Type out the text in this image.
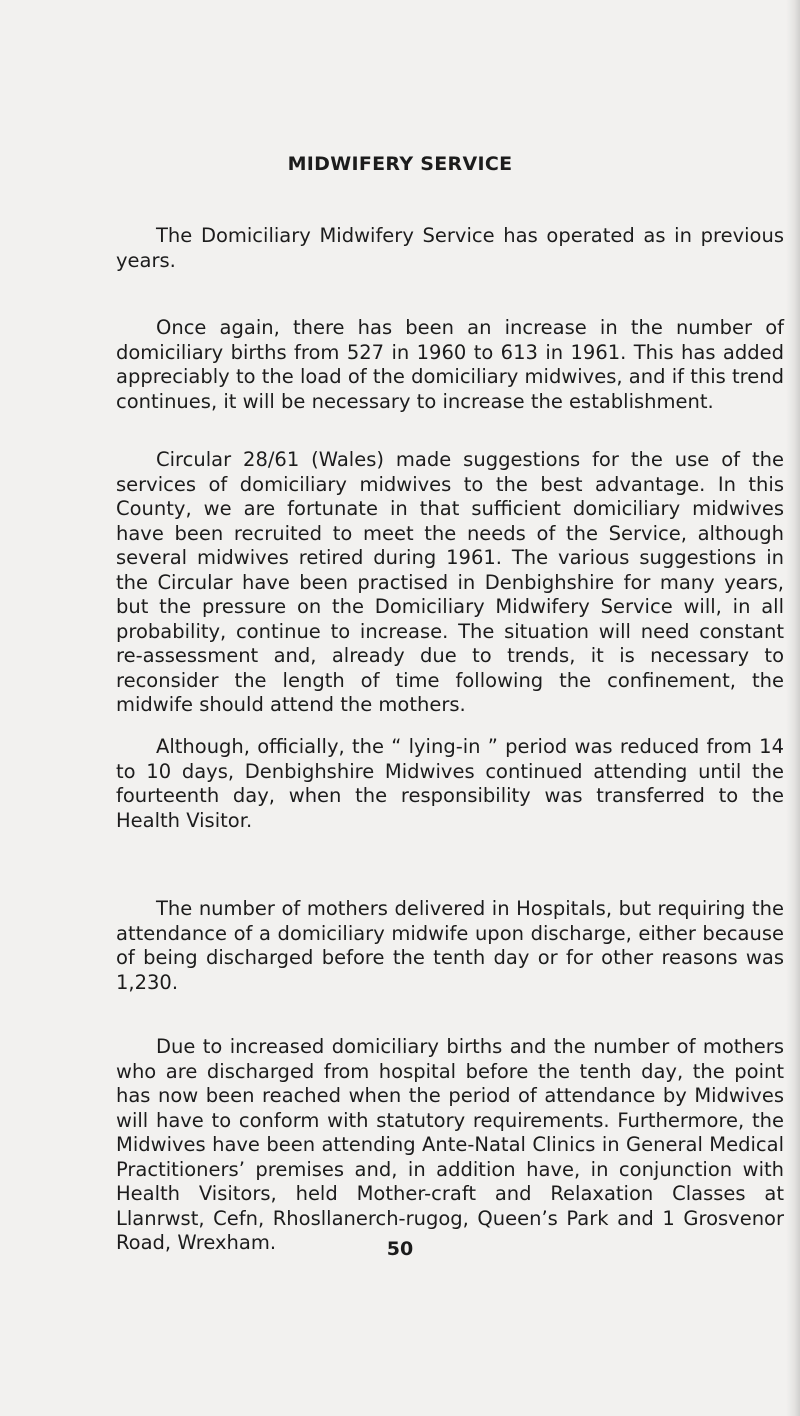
MIDWIFERY SERVICE

The Domiciliary Midwifery Service has operated as in previous years.

Once again, there has been an increase in the number of domiciliary births from 527 in 1960 to 613 in 1961. This has added appreciably to the load of the domiciliary midwives, and if this trend continues, it will be necessary to increase the establishment.

Circular 28/61 (Wales) made suggestions for the use of the services of domiciliary midwives to the best advantage. In this County, we are fortunate in that sufficient domiciliary midwives have been recruited to meet the needs of the Service, although several midwives retired during 1961. The various suggestions in the Circular have been practised in Denbighshire for many years, but the pressure on the Domiciliary Midwifery Service will, in all probability, continue to increase. The situation will need constant re-assessment and, already due to trends, it is necessary to reconsider the length of time following the confinement, the midwife should attend the mothers.

Although, officially, the “ lying-in ” period was reduced from 14 to 10 days, Denbighshire Midwives continued attending until the fourteenth day, when the responsibility was transferred to the Health Visitor.

The number of mothers delivered in Hospitals, but requiring the attendance of a domiciliary midwife upon discharge, either because of being discharged before the tenth day or for other reasons was 1,230.

Due to increased domiciliary births and the number of mothers who are discharged from hospital before the tenth day, the point has now been reached when the period of attendance by Midwives will have to conform with statutory requirements. Furthermore, the Midwives have been attending Ante-Natal Clinics in General Medical Practitioners’ premises and, in addition have, in conjunction with Health Visitors, held Mother-craft and Relaxation Classes at Llanrwst, Cefn, Rhosllanerch-rugog, Queen’s Park and 1 Grosvenor Road, Wrexham.	50
